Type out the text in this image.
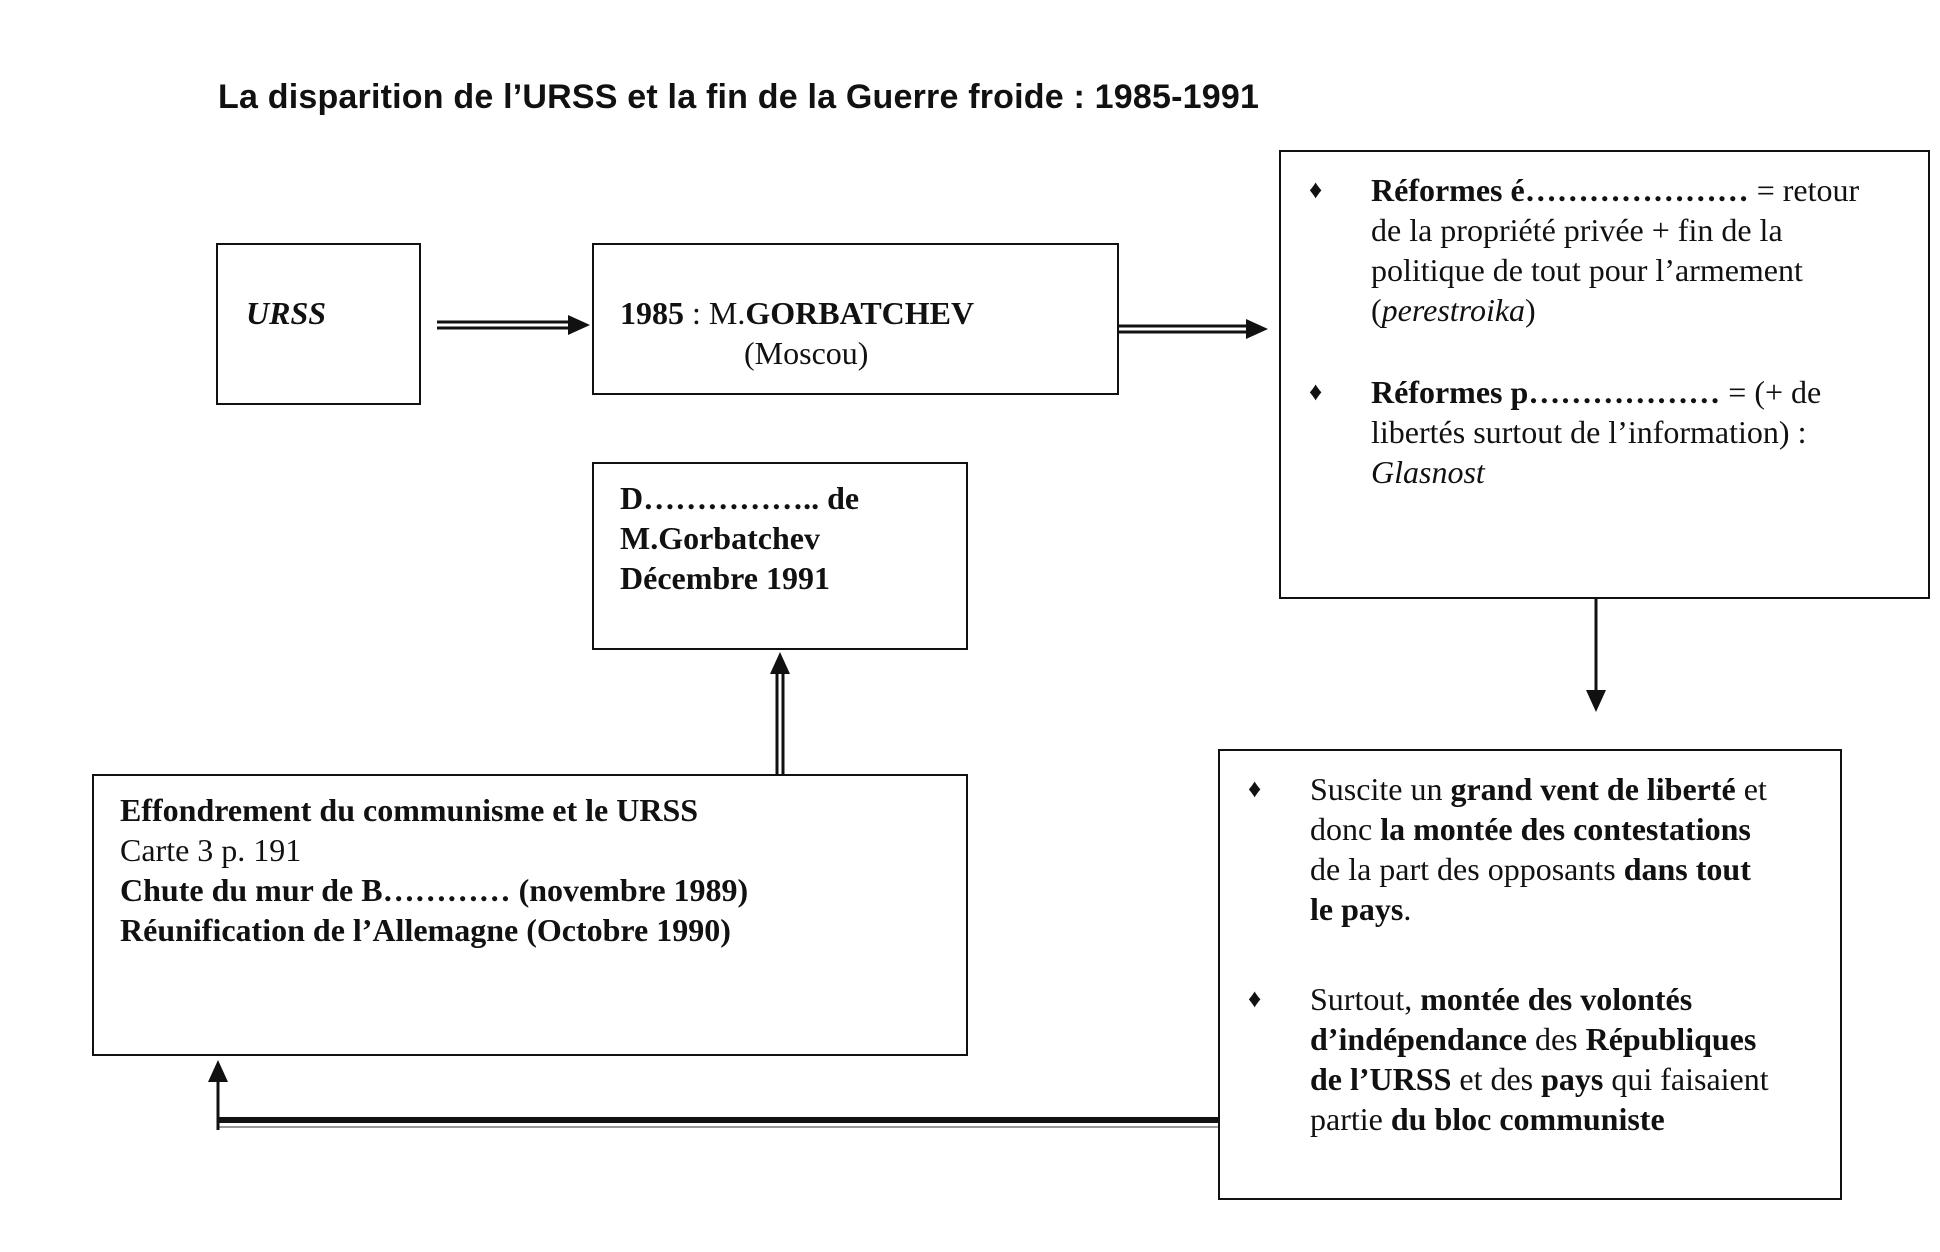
La disparition de l’URSS et la fin de la Guerre froide : 1985-1991
URSS	1985 : M.GORBATCHEV
(Moscou)
♦ Réformes é………………… = retour
de la propriété privée + fin de la
politique de tout pour l’armement
(perestroika)
♦ Réformes p……………… = (+ de
libertés surtout de l’information) :
Glasnost
D…………….. de
M.Gorbatchev
Décembre 1991
Effondrement du communisme et le URSS
Carte 3 p. 191
Chute du mur de B………… (novembre 1989)
Réunification de l’Allemagne (Octobre 1990)
♦ Suscite un grand vent de liberté et
donc la montée des contestations
de la part des opposants dans tout
le pays.
♦ Surtout, montée des volontés
d’indépendance des Républiques
de l’URSS et des pays qui faisaient
partie du bloc communiste
